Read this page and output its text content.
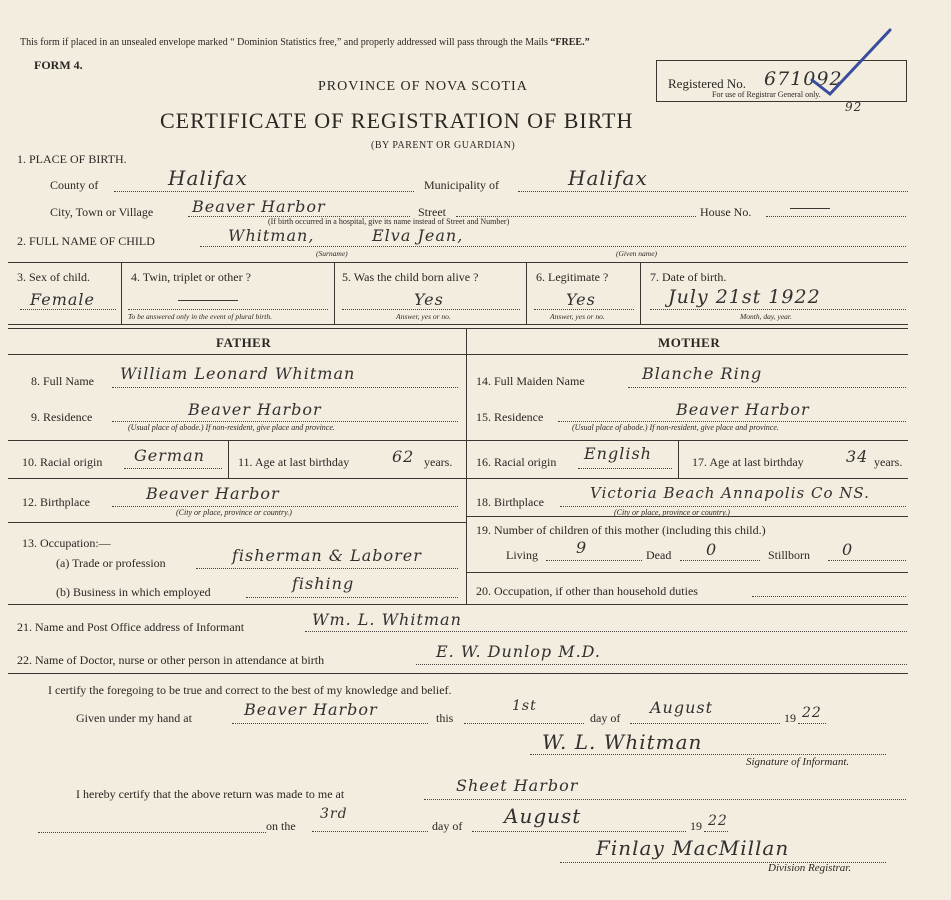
This form if placed in an unsealed envelope marked “ Dominion Statistics free,” and properly addressed will pass through the Mails “FREE.”
FORM 4.
PROVINCE OF NOVA SCOTIA
CERTIFICATE OF REGISTRATION OF BIRTH
(BY PARENT OR GUARDIAN)
Registered No. 671092
For use of Registrar General only.
92
1. PLACE OF BIRTH.
County of	Halifax	Municipality of	Halifax
City, Town or Village Beaver Harbor	Street
(If birth occurred in a hospital, give its name instead of Street and Number)
House No.
2. FULL NAME OF CHILD	Whitman,	Elva Jean,
(Surname)	(Given name)
3. Sex of child.
Female
4. Twin, triplet or other ?
To be answered only in the event of plural birth.
5. Was the child born alive ?
Yes
Answer, yes or no.
6. Legitimate ?
Yes
Answer, yes or no.
7. Date of birth.
July 21st 1922
Month, day, year.
FATHER	MOTHER
8. Full Name William Leonard Whitman
9. Residence	Beaver Harbor
(Usual place of abode.) If non-resident, give place and province.
10. Racial origin German	11. Age at last birthday	62 years.
12. Birthplace	Beaver Harbor
(City or place, province or country.)
13. Occupation:—
(a) Trade or profession	fisherman & Laborer
(b) Business in which employed	fishing
14. Full Maiden Name	Blanche Ring
15. Residence	Beaver Harbor
(Usual place of abode.) If non-resident, give place and province.
16. Racial origin English	17. Age at last birthday	34 years.
18. Birthplace	Victoria Beach Annapolis Co NS.
(City or place, province or country.)
19. Number of children of this mother (including this child.)
Living 9	Dead 0	Stillborn 0
20. Occupation, if other than household duties
21. Name and Post Office address of Informant	Wm. L. Whitman
22. Name of Doctor, nurse or other person in attendance at birth	E. W. Dunlop M.D.
I certify the foregoing to be true and correct to the best of my knowledge and belief.
Given under my hand at	Beaver Harbor	this
1st
day of
August
19 22
W. L. Whitman
Signature of Informant.
I hereby certify that the above return was made to me at	Sheet Harbor
on the
3rd
day of August	19 22
Finlay MacMillan
Division Registrar.
